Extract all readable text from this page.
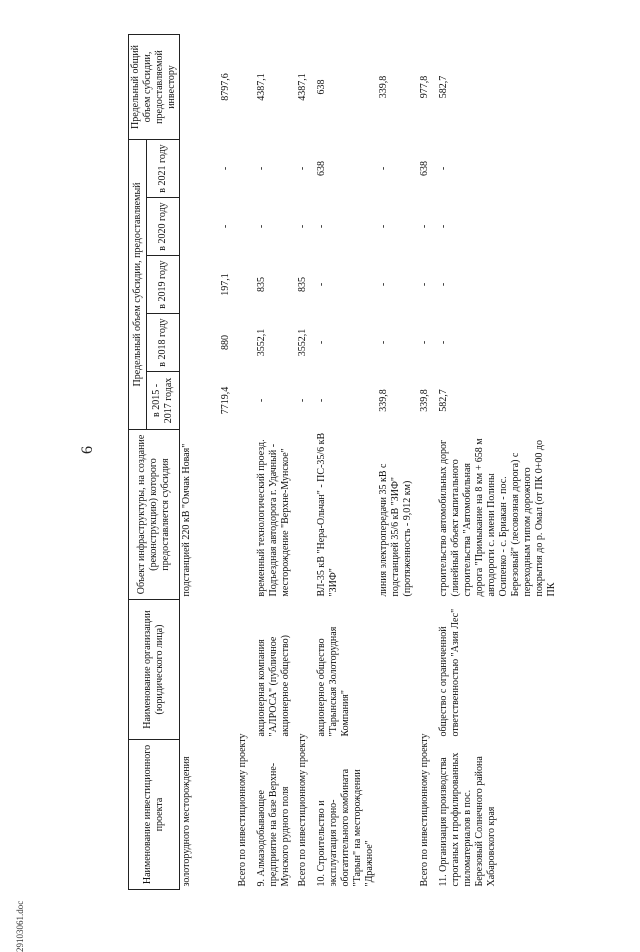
6
Наименование инвестиционного проекта	Наименование организации (юридического лица)	Объект инфраструктуры, на создание (реконструкцию) которого предоставляется субсидия	Предельный объем субсидии, предоставляемый					Предельный общий объем субсидии, предоставляемой инвестору
			в 2015 - 2017 годах	в 2018 году	в 2019 году	в 2020 году	в 2021 году	
золоторудного месторождения		подстанцией 220 кВ "Омчак Новая"	7719,4	880	197,1	-	-	8797,6
Всего по инвестиционному проекту								
9. Алмазодобывающее предприятие на базе Верхне-Мунского рудного поля	акционерная компания "АЛРОСА" (публичное акционерное общество)	временный технологический проезд. Подъездная автодорога г. Удачный - месторождение "Верхне-Мунское"	-	3552,1	835	-	-	4387,1
Всего по инвестиционному проекту			-	3552,1	835	-	-	4387,1
10. Строительство и эксплуатация горно-обогатительного комбината "Тарын" на месторождении "Дражное"	акционерное общество "Тарынская Золоторудная Компания"	ВЛ-35 кВ "Нера-Ольчан" - ПС-35/6 кВ "ЗИФ"	-	-	-	-	638	638
		линия электропередачи 35 кВ с подстанцией 35/6 кВ "ЗИФ" (протяженность - 9,012 км)	339,8	-	-	-	-	339,8
Всего по инвестиционному проекту			339,8	-	-	-	638	977,8
11. Организация производства строганых и профилированных пиломатериалов в пос. Березовый Солнечного района Хабаровского края	общество с ограниченной ответственностью "Азия Лес"	строительство автомобильных дорог (линейный объект капитального строительства "Автомобильная дорога "Примыкание на 8 км + 658 м автодороги с. имени Полины Осипенко - с. Бриакан - пос. Березовый" (лесовозная дорога) с переходным типом дорожного покрытия до р. Омал (от ПК 0+00 до ПК	582,7	-	-	-	-	582,7
29103061.doc
